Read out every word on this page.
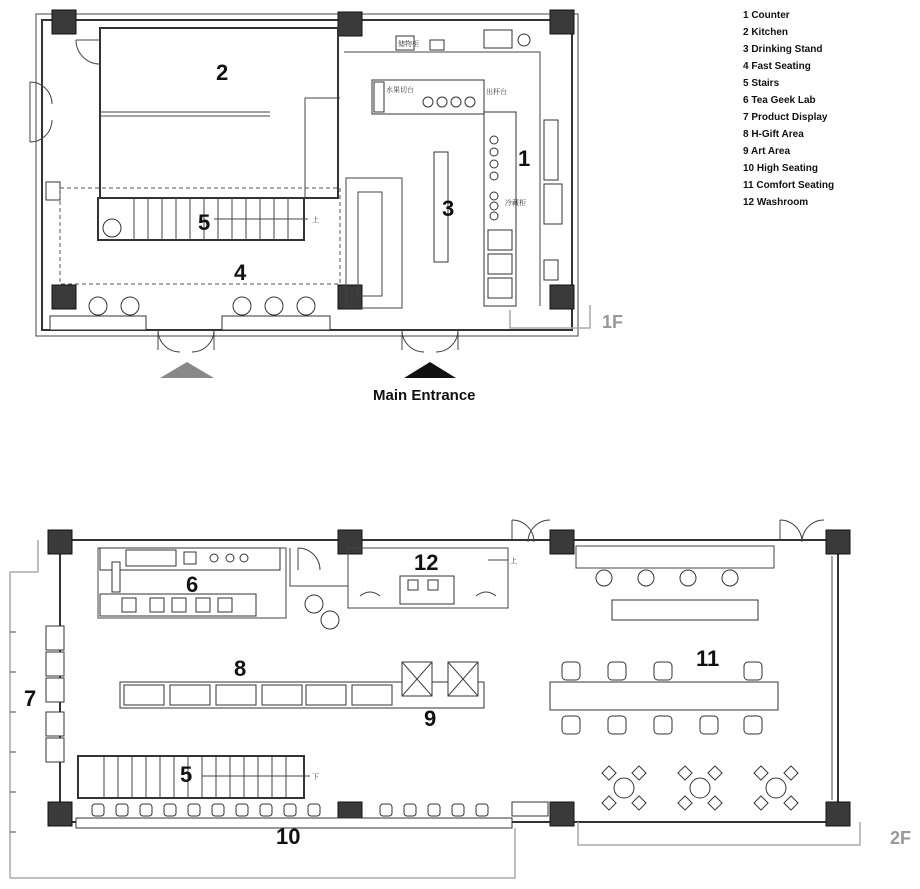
1 Counter
2 Kitchen
3 Drinking Stand
4 Fast Seating
5 Stairs
6 Tea Geek Lab
7 Product Display
8 H-Gift Area
9 Art Area
10 High Seating
11 Comfort Seating
12 Washroom
上
水果切台	出杯台
冷藏柜
储物柜
Main Entrance
2
1
3
4
5
1F
上
下
6
7
8
9
10
11
12
5
2F
